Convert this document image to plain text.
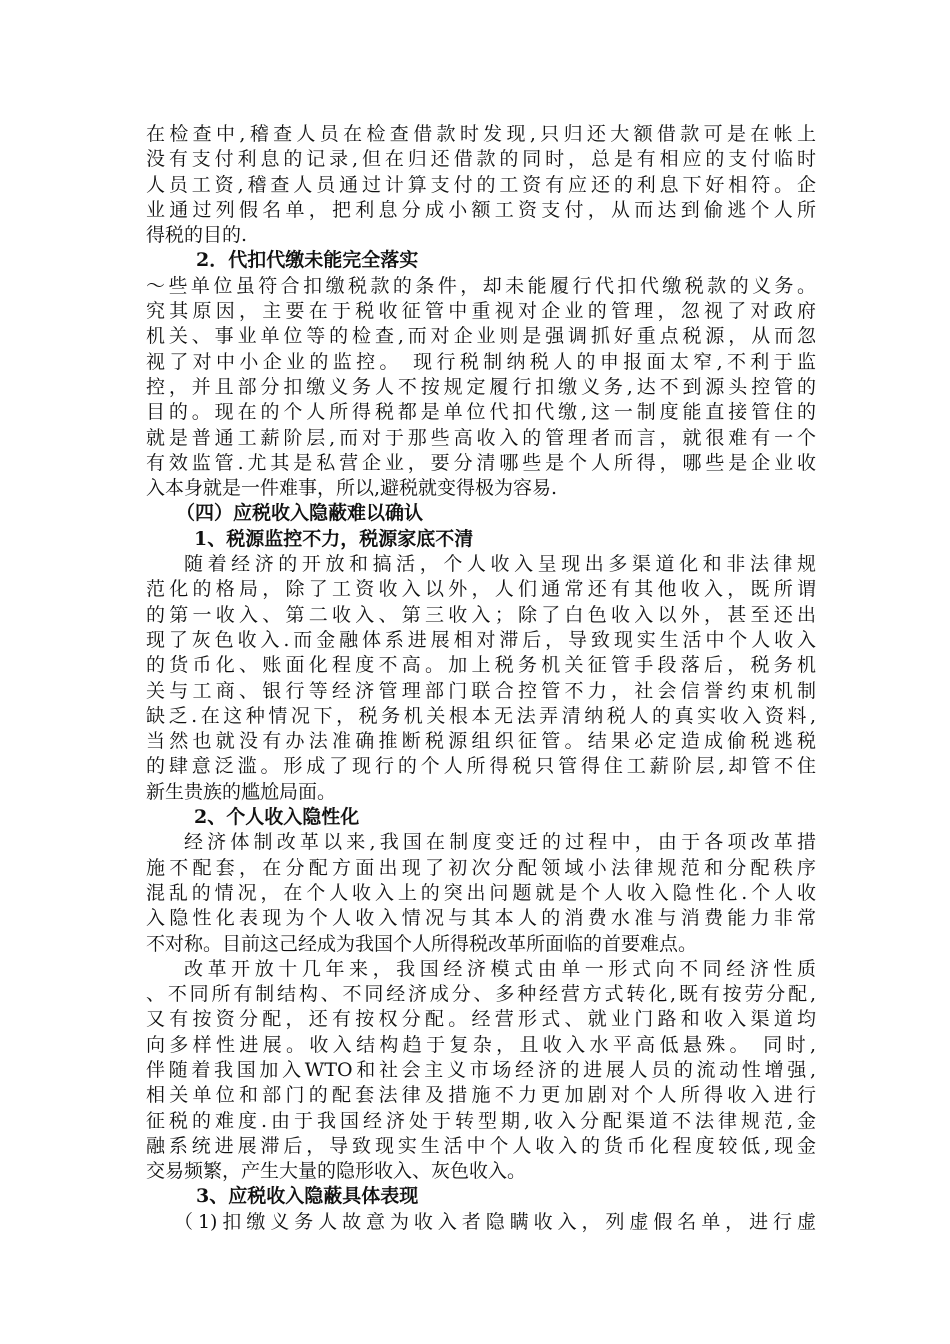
在检查中,稽查人员在检查借款时发现,只归还大额借款可是在帐上
没有支付利息的记录,但在归还借款的同时，总是有相应的支付临时
人员工资,稽查人员通过计算支付的工资有应还的利息下好相符。企
业通过列假名单，把利息分成小额工资支付，从而达到偷逃个人所
得税的目的.
2．代扣代缴未能完全落实
～些单位虽符合扣缴税款的条件，却未能履行代扣代缴税款的义务。
究其原因，主要在于税收征管中重视对企业的管理，忽视了对政府
机关、事业单位等的检查,而对企业则是强调抓好重点税源，从而忽
视了对中小企业的监控。 现行税制纳税人的申报面太窄,不利于监
控，并且部分扣缴义务人不按规定履行扣缴义务,达不到源头控管的
目的。现在的个人所得税都是单位代扣代缴,这一制度能直接管住的
就是普通工薪阶层,而对于那些高收入的管理者而言，就很难有一个
有效监管.尤其是私营企业，要分清哪些是个人所得，哪些是企业收
入本身就是一件难事，所以,避税就变得极为容易.
（四）应税收入隐蔽难以确认
1、税源监控不力，税源家底不清
随着经济的开放和搞活，个人收入呈现出多渠道化和非法律规
范化的格局，除了工资收入以外，人们通常还有其他收入，既所谓
的第一收入、第二收入、第三收入；除了白色收入以外，甚至还出
现了灰色收入.而金融体系进展相对滞后，导致现实生活中个人收入
的货币化、账面化程度不高。加上税务机关征管手段落后，税务机
关与工商、银行等经济管理部门联合控管不力，社会信誉约束机制
缺乏.在这种情况下，税务机关根本无法弄清纳税人的真实收入资料,
当然也就没有办法准确推断税源组织征管。结果必定造成偷税逃税
的肆意泛滥。形成了现行的个人所得税只管得住工薪阶层,却管不住
新生贵族的尴尬局面。
2、个人收入隐性化
经济体制改革以来,我国在制度变迁的过程中，由于各项改革措
施不配套，在分配方面出现了初次分配领域小法律规范和分配秩序
混乱的情况，在个人收入上的突出问题就是个人收入隐性化.个人收
入隐性化表现为个人收入情况与其本人的消费水准与消费能力非常
不对称。目前这己经成为我国个人所得税改革所面临的首要难点。
改革开放十几年来，我国经济模式由单一形式向不同经济性质
、不同所有制结构、不同经济成分、多种经营方式转化,既有按劳分配,
又有按资分配，还有按权分配。经营形式、就业门路和收入渠道均
向多样性进展。收入结构趋于复杂，且收入水平高低悬殊。 同时,
伴随着我国加入WTO和社会主义市场经济的进展人员的流动性增强,
相关单位和部门的配套法律及措施不力更加剧对个人所得收入进行
征税的难度.由于我国经济处于转型期,收入分配渠道不法律规范,金
融系统进展滞后，导致现实生活中个人收入的货币化程度较低,现金
交易频繁，产生大量的隐形收入、灰色收入。
3、应税收入隐蔽具体表现
（1)扣缴义务人故意为收入者隐瞒收入，列虚假名单，进行虚
